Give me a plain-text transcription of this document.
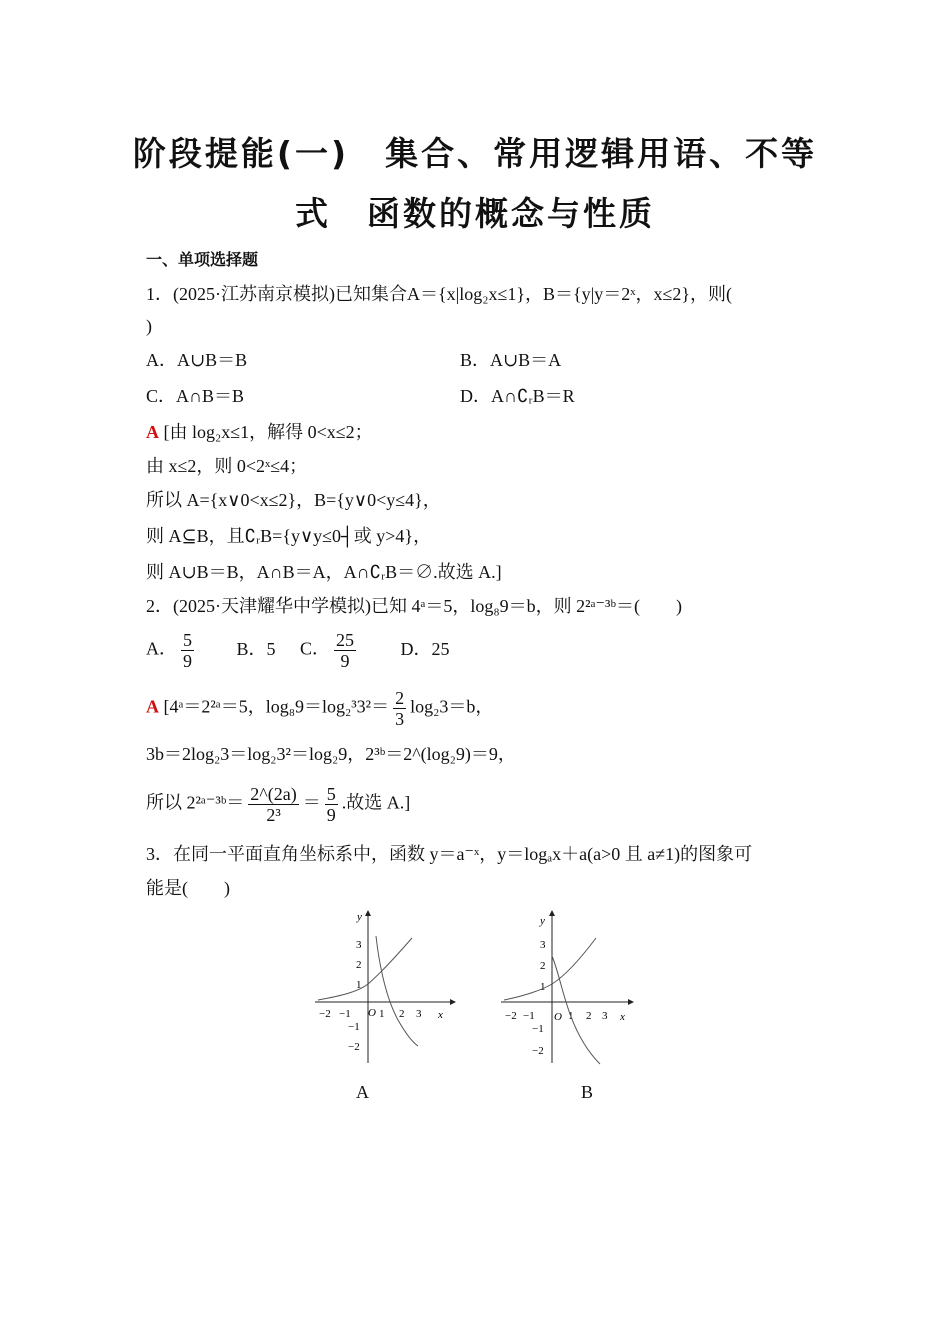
阶段提能(一)　集合、常用逻辑用语、不等
式　函数的概念与性质
一、单项选择题
1．(2025·江苏南京模拟)已知集合A＝{x|log₂x≤1}，B＝{y|y＝2ˣ，x≤2}，则(
)
A．A∪B＝B	B．A∪B＝A
C．A∩B＝B	D．A∩∁ᵣB＝R
A [由 log₂x≤1，解得 0<x≤2；
由 x≤2，则 0<2ˣ≤4；
所以 A={x∨0<x≤2}，B={y∨0<y≤4}，
则 A⊆B，且∁ᵣB={y∨y≤0┤或 y>4}，
则 A∪B＝B，A∩B＝A，A∩∁ᵣB＝∅.故选 A.]
2．(2025·天津耀华中学模拟)已知 4ᵃ＝5，log₈9＝b，则 2²ᵃ⁻³ᵇ＝(　　)
A． $\frac{5}{9}$ B．5 C． $\frac{25}{9}$ D．25
A [4ᵃ＝2²ᵃ＝5，$\log_89=\log_2^33^2= \frac{2}{3} \log_23=b$，
3b＝2log₂3＝log₂3²＝log₂9，2³ᵇ＝2^(log₂9)＝9，
所以 2²ᵃ⁻³ᵇ＝ $\frac{2\^{}(2a)}{\text{2³}} = \frac{5}{9}$ .故选 A.]
3．在同一平面直角坐标系中，函数 y＝a⁻ˣ，y＝logₐx＋a(a>0 且 a≠1)的图象可
能是(　　)
y
x
O
−2 −1	1 2 3
3
2
1
−1
−2
A
y
x
O
−2 −1	1 2 3
3
2
1
−1
−2
B
